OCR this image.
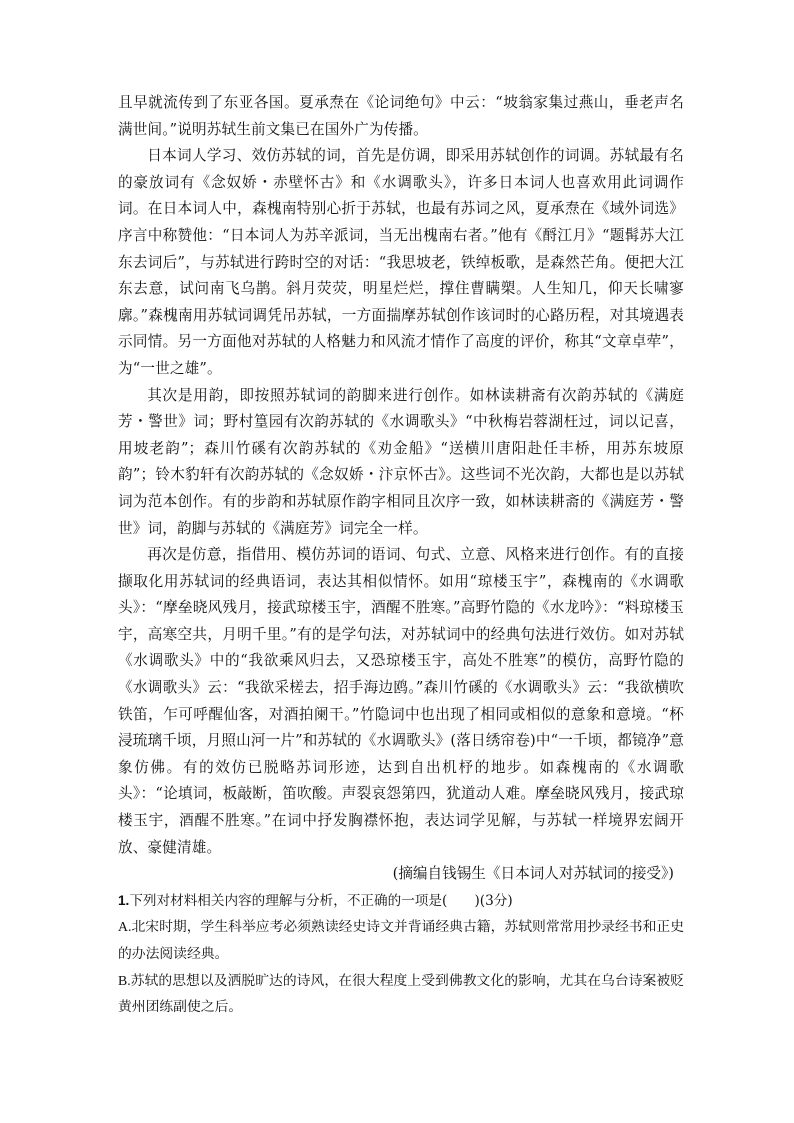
且早就流传到了东亚各国。夏承焘在《论词绝句》中云：“坡翁家集过燕山，垂老声名满世间。”说明苏轼生前文集已在国外广为传播。

日本词人学习、效仿苏轼的词，首先是仿调，即采用苏轼创作的词调。苏轼最有名的豪放词有《念奴娇・赤壁怀古》和《水调歌头》，许多日本词人也喜欢用此词调作词。在日本词人中，森槐南特别心折于苏轼，也最有苏词之风，夏承焘在《域外词选》序言中称赞他：“日本词人为苏辛派词，当无出槐南右者。”他有《酹江月》“题髯苏大江东去词后”，与苏轼进行跨时空的对话：“我思坡老，铁绰板歌，是森然芒角。便把大江东去意，试问南飞乌鹊。斜月荧荧，明星烂烂，撑住曹瞒槊。人生知几，仰天长啸寥廓。”森槐南用苏轼词调凭吊苏轼，一方面揣摩苏轼创作该词时的心路历程，对其境遇表示同情。另一方面他对苏轼的人格魅力和风流才情作了高度的评价，称其“文章卓荦”，为“一世之雄”。

其次是用韵，即按照苏轼词的韵脚来进行创作。如林读耕斋有次韵苏轼的《满庭芳・警世》词；野村篁园有次韵苏轼的《水调歌头》“中秋梅岩蓉湖枉过，词以记喜，用坡老韵”；森川竹磎有次韵苏轼的《劝金船》“送横川唐阳赴任丰桥，用苏东坡原韵”；铃木豹轩有次韵苏轼的《念奴娇・汴京怀古》。这些词不光次韵，大都也是以苏轼词为范本创作。有的步韵和苏轼原作韵字相同且次序一致，如林读耕斋的《满庭芳・警世》词，韵脚与苏轼的《满庭芳》词完全一样。

再次是仿意，指借用、模仿苏词的语词、句式、立意、风格来进行创作。有的直接撷取化用苏轼词的经典语词，表达其相似情怀。如用“琼楼玉宇”，森槐南的《水调歌头》：“摩垒晓风残月，接武琼楼玉宇，酒醒不胜寒。”高野竹隐的《水龙吟》：“料琼楼玉宇，高寒空共，月明千里。”有的是学句法，对苏轼词中的经典句法进行效仿。如对苏轼《水调歌头》中的“我欲乘风归去，又恐琼楼玉宇，高处不胜寒”的模仿，高野竹隐的《水调歌头》云：“我欲采槎去，招手海边鸥。”森川竹磎的《水调歌头》云：“我欲横吹铁笛，乍可呼醒仙客，对酒拍阑干。”竹隐词中也出现了相同或相似的意象和意境。“杯浸琉璃千顷，月照山河一片”和苏轼的《水调歌头》(落日绣帘卷)中“一千顷，都镜净”意象仿佛。有的效仿已脱略苏词形迹，达到自出机杼的地步。如森槐南的《水调歌头》：“论填词，板敲断，笛吹酸。声裂哀怨第四，犹道动人难。摩垒晓风残月，接武琼楼玉宇，酒醒不胜寒。”在词中抒发胸襟怀抱，表达词学见解，与苏轼一样境界宏阔开放、豪健清雄。

(摘编自钱锡生《日本词人对苏轼词的接受》)

1.下列对材料相关内容的理解与分析，不正确的一项是(　　)(3分)

A.北宋时期，学生科举应考必须熟读经史诗文并背诵经典古籍，苏轼则常常用抄录经书和正史的办法阅读经典。

B.苏轼的思想以及洒脱旷达的诗风，在很大程度上受到佛教文化的影响，尤其在乌台诗案被贬黄州团练副使之后。
